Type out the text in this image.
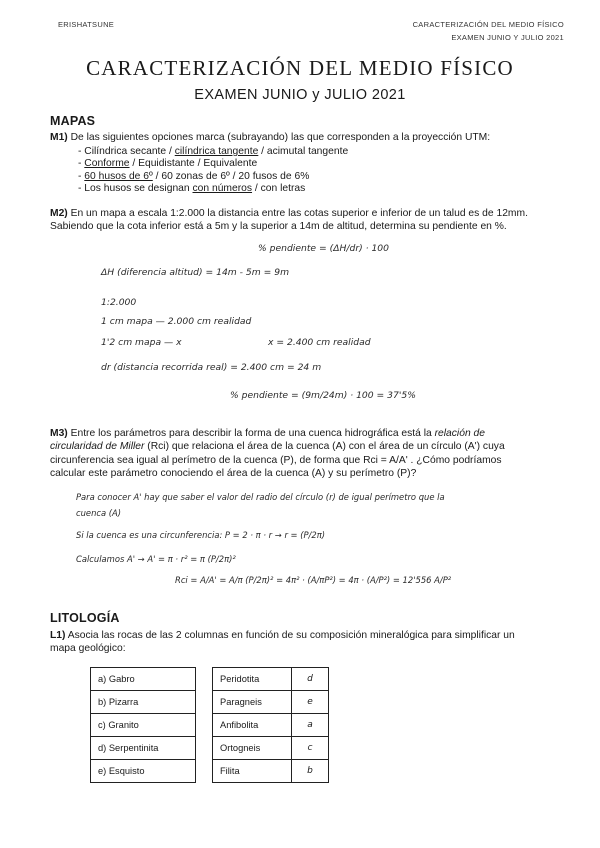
ERISHATSUNE	CARACTERIZACIÓN DEL MEDIO FÍSICO
EXAMEN JUNIO Y JULIO 2021
CARACTERIZACIÓN DEL MEDIO FÍSICO
EXAMEN JUNIO y JULIO 2021
MAPAS
M1) De las siguientes opciones marca (subrayando) las que corresponden a la proyección UTM:
- Cilíndrica secante / cilíndrica tangente / acimutal tangente
- Conforme / Equidistante / Equivalente
- 60 husos de 6º / 60 zonas de 6º / 20 fusos de 6%
- Los husos se designan con números / con letras
M2) En un mapa a escala 1:2.000 la distancia entre las cotas superior e inferior de un talud es de 12mm.
Sabiendo que la cota inferior está a 5m y la superior a 14m de altitud, determina su pendiente en %.
% pendiente = (ΔH/dr) · 100
ΔH (diferencia altitud) = 14m - 5m = 9m
1:2.000
1 cm mapa — 2.000 cm realidad
1'2 cm mapa — x	x = 2.400 cm realidad
dr (distancia recorrida real) = 2.400 cm = 24 m
% pendiente = (9m/24m) · 100 = 37'5%
M3) Entre los parámetros para describir la forma de una cuenca hidrográfica está la relación de
circularidad de Miller (Rci) que relaciona el área de la cuenca (A) con el área de un círculo (A') cuya
circunferencia sea igual al perímetro de la cuenca (P), de forma que Rci = A/A' . ¿Cómo podríamos
calcular este parámetro conociendo el área de la cuenca (A) y su perímetro (P)?
Para conocer A' hay que saber el valor del radio del círculo (r) de igual perímetro que la
cuenca (A)
Si la cuenca es una circunferencia: P = 2 · π · r → r = (P/2π)
Calculamos A' → A' = π · r² = π (P/2π)²
Rci = A/A' = A/π (P/2π)² = 4π² · (A/πP²) = 4π · (A/P²) = 12'556 A/P²
LITOLOGÍA
L1) Asocia las rocas de las 2 columnas en función de su composición mineralógica para simplificar un
mapa geológico:
a) Gabro		Peridotita	d
b) Pizarra		Paragneis	e
c) Granito		Anfibolita	a
d) Serpentinita		Ortogneis	c
e) Esquisto		Filita	b
